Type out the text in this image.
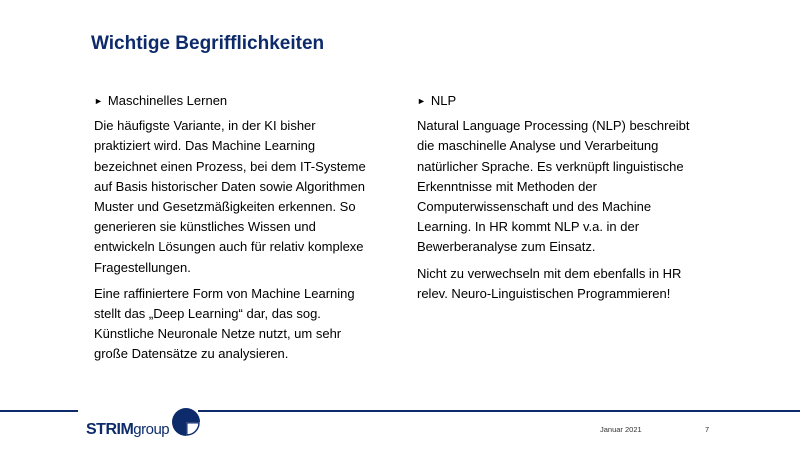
Wichtige Begrifflichkeiten
► Maschinelles Lernen
Die häufigste Variante, in der KI bisher
praktiziert wird. Das Machine Learning
bezeichnet einen Prozess, bei dem IT-Systeme
auf Basis historischer Daten sowie Algorithmen
Muster und Gesetzmäßigkeiten erkennen. So
generieren sie künstliches Wissen und
entwickeln Lösungen auch für relativ komplexe
Fragestellungen.
Eine raffiniertere Form von Machine Learning
stellt das „Deep Learning“ dar, das sog.
Künstliche Neuronale Netze nutzt, um sehr
große Datensätze zu analysieren.
► NLP
Natural Language Processing (NLP) beschreibt
die maschinelle Analyse und Verarbeitung
natürlicher Sprache. Es verknüpft linguistische
Erkenntnisse mit Methoden der
Computerwissenschaft und des Machine
Learning. In HR kommt NLP v.a. in der
Bewerberanalyse zum Einsatz.
Nicht zu verwechseln mit dem ebenfalls in HR
relev. Neuro-Linguistischen Programmieren!
STRIMgroup	Januar 2021	7
